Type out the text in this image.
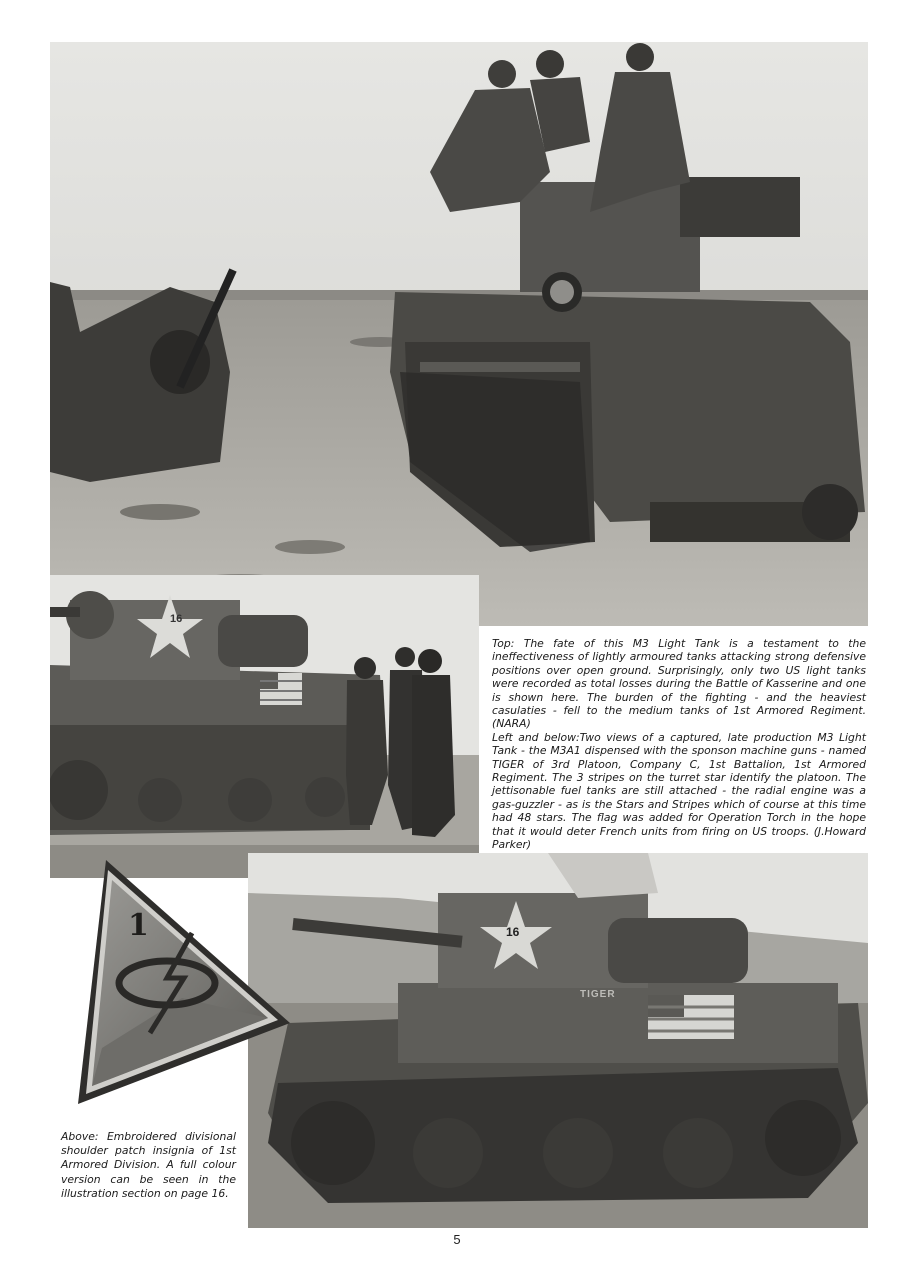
16
16
TIGER
1

Top: The fate of this M3 Light Tank is a testament to the ineffectiveness of lightly armoured tanks attacking strong defensive positions over open ground. Surprisingly, only two US light tanks were recorded as total losses during the Battle of Kasserine and one is shown here. The burden of the fighting - and the heaviest casulaties - fell to the medium tanks of 1st Armored Regiment. (NARA)

Left and below:Two views of a captured, late production M3 Light Tank - the M3A1 dispensed with the sponson machine guns - named TIGER of 3rd Platoon, Company C, 1st Battalion, 1st Armored Regiment. The 3 stripes on the turret star identify the platoon. The jettisonable fuel tanks are still attached - the radial engine was a gas-guzzler - as is the Stars and Stripes which of course at this time had 48 stars. The flag was added for Operation Torch in the hope that it would deter French units from firing on US troops. (J.Howard Parker)

Above: Embroidered divisional shoulder patch insignia of 1st Armored Division. A full colour version can be seen in the illustration section on page 16.

5
